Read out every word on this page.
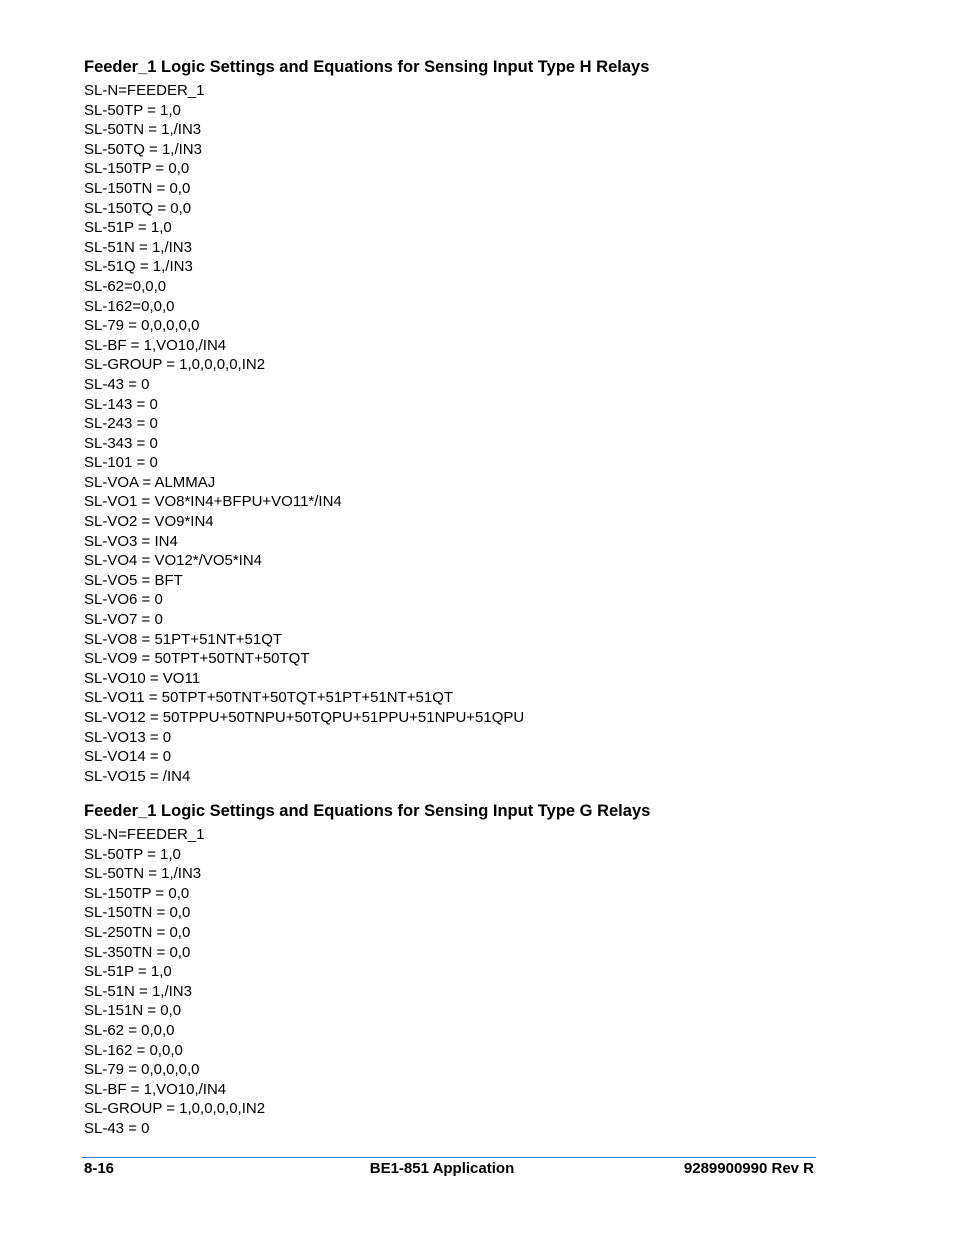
Feeder_1 Logic Settings and Equations for Sensing Input Type H Relays
SL-N=FEEDER_1
SL-50TP = 1,0
SL-50TN = 1,/IN3
SL-50TQ = 1,/IN3
SL-150TP = 0,0
SL-150TN = 0,0
SL-150TQ = 0,0
SL-51P = 1,0
SL-51N = 1,/IN3
SL-51Q = 1,/IN3
SL-62=0,0,0
SL-162=0,0,0
SL-79 = 0,0,0,0,0
SL-BF = 1,VO10,/IN4
SL-GROUP = 1,0,0,0,0,IN2
SL-43 = 0
SL-143 = 0
SL-243 = 0
SL-343 = 0
SL-101 = 0
SL-VOA = ALMMAJ
SL-VO1 = VO8*IN4+BFPU+VO11*/IN4
SL-VO2 = VO9*IN4
SL-VO3 = IN4
SL-VO4 = VO12*/VO5*IN4
SL-VO5 = BFT
SL-VO6 = 0
SL-VO7 = 0
SL-VO8 = 51PT+51NT+51QT
SL-VO9 = 50TPT+50TNT+50TQT
SL-VO10 = VO11
SL-VO11 = 50TPT+50TNT+50TQT+51PT+51NT+51QT
SL-VO12 = 50TPPU+50TNPU+50TQPU+51PPU+51NPU+51QPU
SL-VO13 = 0
SL-VO14 = 0
SL-VO15 = /IN4
Feeder_1 Logic Settings and Equations for Sensing Input Type G Relays
SL-N=FEEDER_1
SL-50TP = 1,0
SL-50TN = 1,/IN3
SL-150TP = 0,0
SL-150TN = 0,0
SL-250TN = 0,0
SL-350TN = 0,0
SL-51P = 1,0
SL-51N = 1,/IN3
SL-151N = 0,0
SL-62 = 0,0,0
SL-162 = 0,0,0
SL-79 = 0,0,0,0,0
SL-BF = 1,VO10,/IN4
SL-GROUP = 1,0,0,0,0,IN2
SL-43 = 0
8-16	BE1-851 Application	9289900990 Rev R
